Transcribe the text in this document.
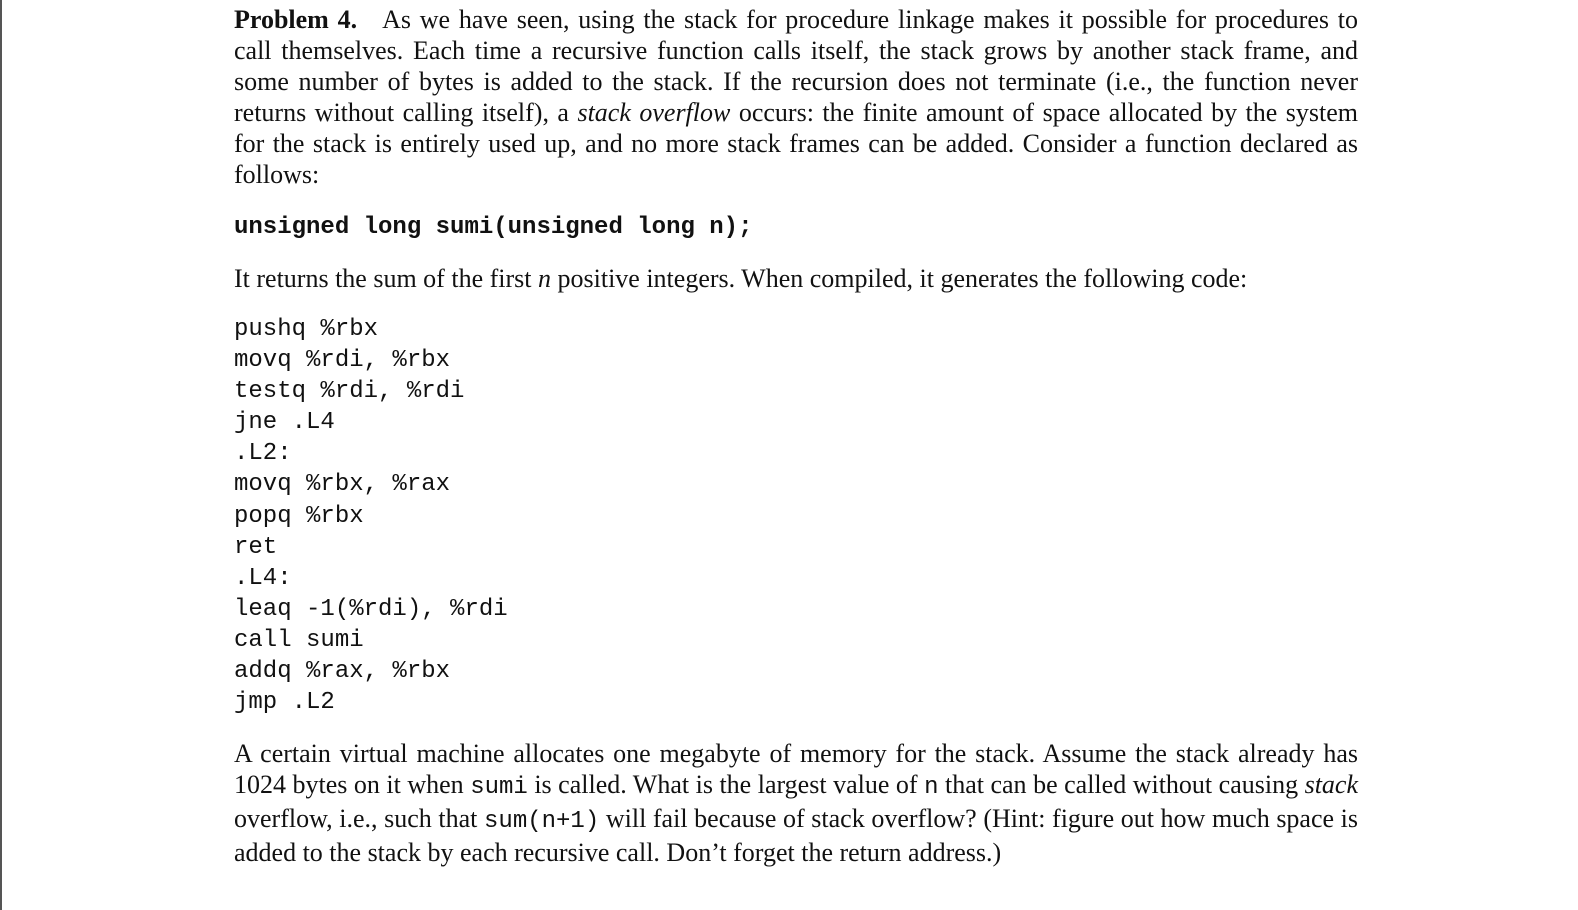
Problem 4. As we have seen, using the stack for procedure linkage makes it possible for procedures to call themselves. Each time a recursive function calls itself, the stack grows by another stack frame, and some number of bytes is added to the stack. If the recursion does not terminate (i.e., the function never returns without calling itself), a stack overflow occurs: the finite amount of space allocated by the system for the stack is entirely used up, and no more stack frames can be added. Consider a function declared as follows:

unsigned long sumi(unsigned long n);

It returns the sum of the first n positive integers. When compiled, it generates the following code:

pushq %rbx
movq %rdi, %rbx
testq %rdi, %rdi
jne .L4
.L2:
movq %rbx, %rax
popq %rbx
ret
.L4:
leaq -1(%rdi), %rdi
call sumi
addq %rax, %rbx
jmp .L2

A certain virtual machine allocates one megabyte of memory for the stack. Assume the stack already has 1024 bytes on it when sumi is called. What is the largest value of n that can be called without causing stack overflow, i.e., such that sum(n+1) will fail because of stack overflow? (Hint: figure out how much space is added to the stack by each recursive call. Don’t forget the return address.)
